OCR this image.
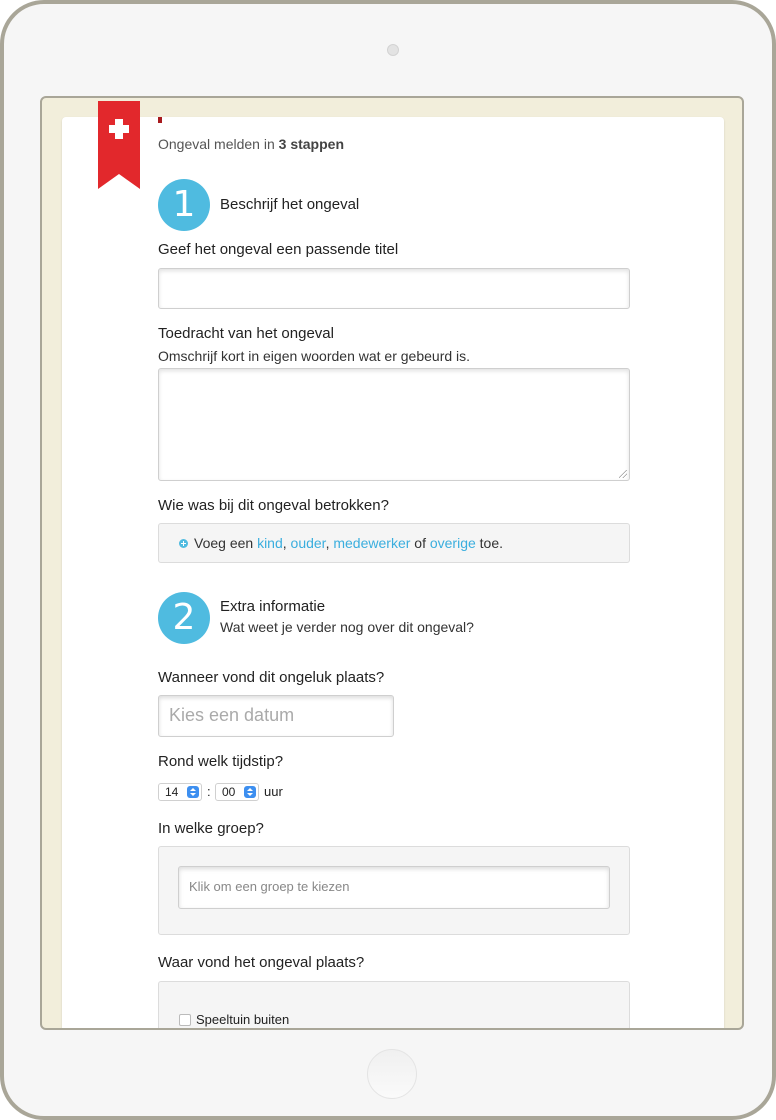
Ongeval melden in 3 stappen
1	Beschrijf het ongeval
Geef het ongeval een passende titel
Toedracht van het ongeval
Omschrijf kort in eigen woorden wat er gebeurd is.
Wie was bij dit ongeval betrokken?
Voeg een kind, ouder, medewerker of overige toe.
2	Extra informatie
Wat weet je verder nog over dit ongeval?
Wanneer vond dit ongeluk plaats?
Kies een datum
Rond welk tijdstip?
14	: 00	uur
In welke groep?
Klik om een groep te kiezen
Waar vond het ongeval plaats?
Speeltuin buiten
